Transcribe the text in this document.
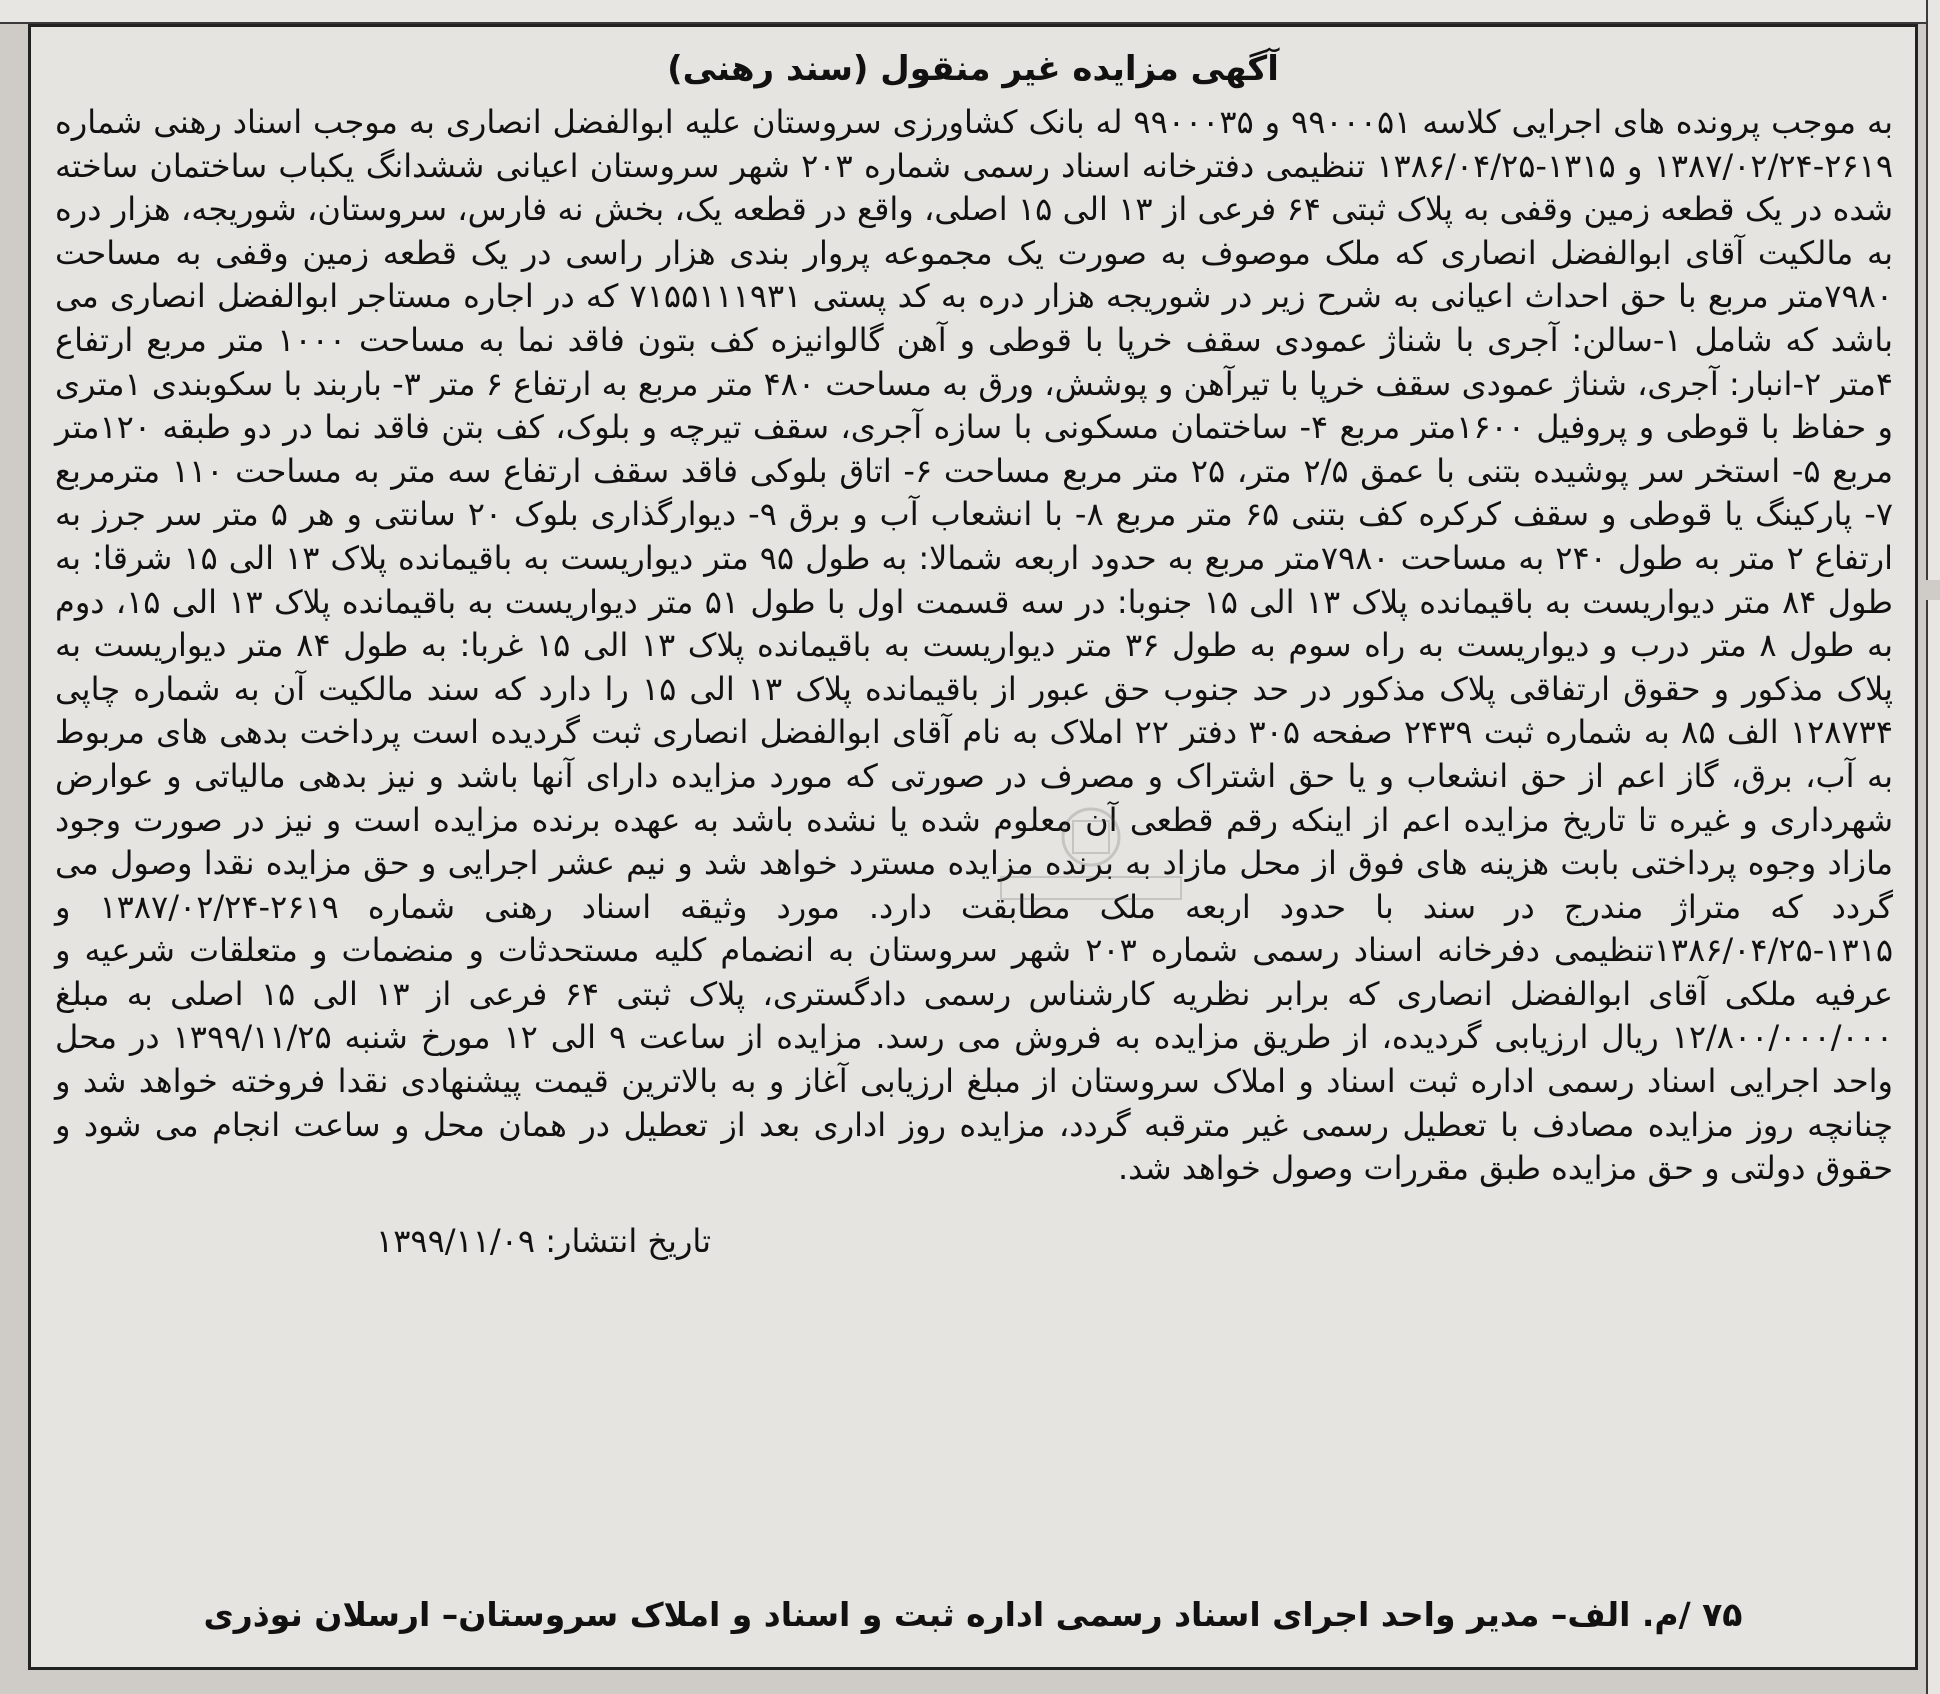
آگهی مزایده غیر منقول (سند رهنی)
به موجب پرونده های اجرایی کلاسه ۹۹۰۰۰۵۱ و ۹۹۰۰۰۳۵ له بانک کشاورزی سروستان علیه ابوالفضل انصاری به موجب اسناد رهنی شماره ۲۶۱۹-۱۳۸۷/۰۲/۲۴ و ۱۳۱۵-۱۳۸۶/۰۴/۲۵ تنظیمی دفترخانه اسناد رسمی شماره ۲۰۳ شهر سروستان اعیانی ششدانگ یکباب ساختمان ساخته شده در یک قطعه زمین وقفی به پلاک ثبتی ۶۴ فرعی از ۱۳ الی ۱۵ اصلی، واقع در قطعه یک، بخش نه فارس، سروستان، شوریجه، هزار دره به مالکیت آقای ابوالفضل انصاری که ملک موصوف به صورت یک مجموعه پروار بندی هزار راسی در یک قطعه زمین وقفی به مساحت ۷۹۸۰متر مربع با حق احداث اعیانی به شرح زیر در شوریجه هزار دره به کد پستی ۷۱۵۵۱۱۱۹۳۱ که در اجاره مستاجر ابوالفضل انصاری می باشد که شامل ۱-سالن: آجری با شناژ عمودی سقف خرپا با قوطی و آهن گالوانیزه کف بتون فاقد نما به مساحت ۱۰۰۰ متر مربع ارتفاع ۴متر ۲-انبار: آجری، شناژ عمودی سقف خرپا با تیرآهن و پوشش، ورق به مساحت ۴۸۰ متر مربع به ارتفاع ۶ متر ۳- باربند با سکوبندی ۱متری و حفاظ با قوطی و پروفیل ۱۶۰۰متر مربع ۴- ساختمان مسکونی با سازه آجری، سقف تیرچه و بلوک، کف بتن فاقد نما در دو طبقه ۱۲۰متر مربع ۵- استخر سر پوشیده بتنی با عمق ۲/۵ متر، ۲۵ متر مربع مساحت ۶- اتاق بلوکی فاقد سقف ارتفاع سه متر به مساحت ۱۱۰ مترمربع ۷- پارکینگ یا قوطی و سقف کرکره کف بتنی ۶۵ متر مربع ۸- با انشعاب آب و برق ۹- دیوارگذاری بلوک ۲۰ سانتی و هر ۵ متر سر جرز به ارتفاع ۲ متر به طول ۲۴۰ به مساحت ۷۹۸۰متر مربع به حدود اربعه شمالا: به طول ۹۵ متر دیواریست به باقیمانده پلاک ۱۳ الی ۱۵ شرقا: به طول ۸۴ متر دیواریست به باقیمانده پلاک ۱۳ الی ۱۵ جنوبا: در سه قسمت اول با طول ۵۱ متر دیواریست به باقیمانده پلاک ۱۳ الی ۱۵، دوم به طول ۸ متر درب و دیواریست به راه سوم به طول ۳۶ متر دیواریست به باقیمانده پلاک ۱۳ الی ۱۵ غربا: به طول ۸۴ متر دیواریست به پلاک مذکور و حقوق ارتفاقی پلاک مذکور در حد جنوب حق عبور از باقیمانده پلاک ۱۳ الی ۱۵ را دارد که سند مالکیت آن به شماره چاپی ۱۲۸۷۳۴ الف ۸۵ به شماره ثبت ۲۴۳۹ صفحه ۳۰۵ دفتر ۲۲ املاک به نام آقای ابوالفضل انصاری ثبت گردیده است پرداخت بدهی های مربوط به آب، برق، گاز اعم از حق انشعاب و یا حق اشتراک و مصرف در صورتی که مورد مزایده دارای آنها باشد و نیز بدهی مالیاتی و عوارض شهرداری و غیره تا تاریخ مزایده اعم از اینکه رقم قطعی آن معلوم شده یا نشده باشد به عهده برنده مزایده است و نیز در صورت وجود مازاد وجوه پرداختی بابت هزینه های فوق از محل مازاد به برنده مزایده مسترد خواهد شد و نیم عشر اجرایی و حق مزایده نقدا وصول می گردد که متراژ مندرج در سند با حدود اربعه ملک مطابقت دارد. مورد وثیقه اسناد رهنی شماره ۲۶۱۹-۱۳۸۷/۰۲/۲۴ و ۱۳۱۵-۱۳۸۶/۰۴/۲۵تنظیمی دفرخانه اسناد رسمی شماره ۲۰۳ شهر سروستان به انضمام کلیه مستحدثات و منضمات و متعلقات شرعیه و عرفیه ملکی آقای ابوالفضل انصاری که برابر نظریه کارشناس رسمی دادگستری، پلاک ثبتی ۶۴ فرعی از ۱۳ الی ۱۵ اصلی به مبلغ ۱۲/۸۰۰/۰۰۰/۰۰۰ ریال ارزیابی گردیده، از طریق مزایده به فروش می رسد. مزایده از ساعت ۹ الی ۱۲ مورخ شنبه ۱۳۹۹/۱۱/۲۵ در محل واحد اجرایی اسناد رسمی اداره ثبت اسناد و املاک سروستان از مبلغ ارزیابی آغاز و به بالاترین قیمت پیشنهادی نقدا فروخته خواهد شد و چنانچه روز مزایده مصادف با تعطیل رسمی غیر مترقبه گردد، مزایده روز اداری بعد از تعطیل در همان محل و ساعت انجام می شود و حقوق دولتی و حق مزایده طبق مقررات وصول خواهد شد.
تاریخ انتشار: ۱۳۹۹/۱۱/۰۹
۷۵ /م. الف– مدیر واحد اجرای اسناد رسمی اداره ثبت و اسناد و املاک سروستان– ارسلان نوذری
